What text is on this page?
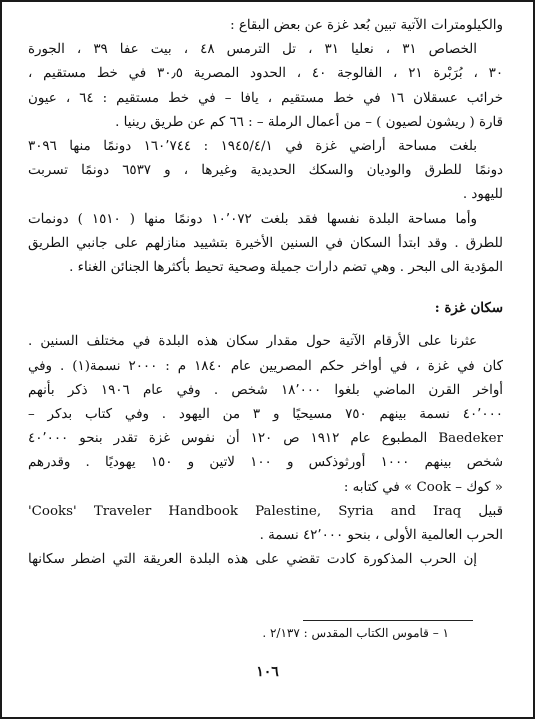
والكيلومترات الآتية تبين بُعد غزة عن بعض البقاع :

الخصاص ٣١ ، نعليا ٣١ ، تل الترمس ٤٨ ، بيت عفا ٣٩ ، الجورة

٣٠ ، بُرَبْرة ٢١ ، الفالوجة ٤٠ ، الحدود المصرية ٣٠٫٥ في خط مستقيم ،

خرائب عسقلان ١٦ في خط مستقيم ، يافا – في خط مستقيم : ٦٤ ، عيون

قارة ( ريشون لصيون ) – من أعمال الرملة – : ٦٦ كم عن طريق رينيا .

بلغت مساحة أراضي غزة في ١٩٤٥/٤/١ : ١٦٠٬٧٤٤ دونمًا منها ٣٠٩٦

دونمًا للطرق والوديان والسكك الحديدية وغيرها ، و ٦٥٣٧ دونمًا تسربت

لليهود .

وأما مساحة البلدة نفسها فقد بلغت ١٠٬٠٧٢ دونمًا منها ( ١٥١٠ ) دونمات

للطرق . وقد ابتدأ السكان في السنين الأخيرة بتشييد منازلهم على جانبي الطريق

المؤدية الى البحر . وهي تضم دارات جميلة وصحية تحيط بأكثرها الجنائن الغناء .

سكان غزة :

عثرنا على الأرقام الآتية حول مقدار سكان هذه البلدة في مختلف السنين .

كان في غزة ، في أواخر حكم المصريين عام ١٨٤٠ م : ٢٠٠٠ نسمة(١) . وفي

أواخر القرن الماضي بلغوا ١٨٬٠٠٠ شخص . وفي عام ١٩٠٦ ذكر بأنهم

٤٠٬٠٠٠ نسمة بينهم ٧٥٠ مسيحيًا و ٣ من اليهود . وفي كتاب بدكر –

Baedeker المطبوع عام ١٩١٢ ص ١٢٠ أن نفوس غزة تقدر بنحو ٤٠٬٠٠٠

شخص بينهم ١٠٠٠ أورثوذكس و ١٠٠ لاتين و ١٥٠ يهوديًا . وقدرهم

« كوك – Cook » في كتابه :

قبيل ‎'Cooks' Traveler Handbook Palestine, Syria and Iraq‎

الحرب العالمية الأولى ، بنحو ٤٢٬٠٠٠ نسمة .

إن الحرب المذكورة كادت تقضي على هذه البلدة العريقة التي اضطر سكانها

١ – قاموس الكتاب المقدس : ٢/١٣٧ .
١٠٦
